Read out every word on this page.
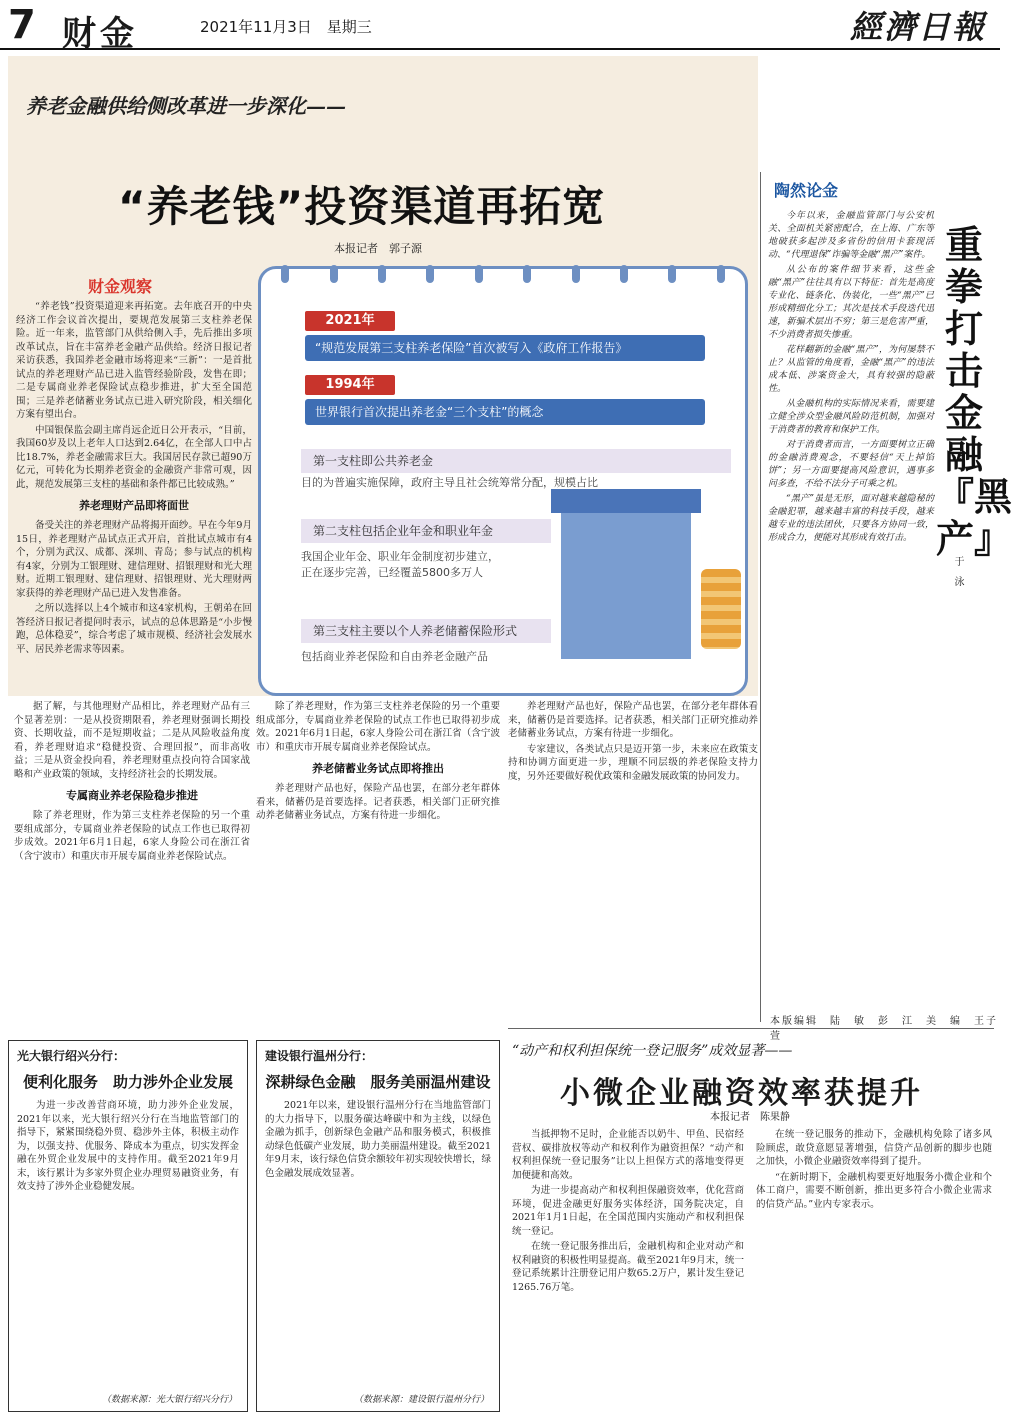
7 财金	2021年11月3日　星期三	經濟日報
养老金融供给侧改革进一步深化——
“养老钱”投资渠道再拓宽
本报记者　郭子源
财金观察
2021年
“规范发展第三支柱养老保险”首次被写入《政府工作报告》
1994年
世界银行首次提出养老金“三个支柱”的概念
第一支柱即公共养老金
目的为普遍实施保障，政府主导且社会统筹常分配，规模占比
第二支柱包括企业年金和职业年金
我国企业年金、职业年金制度初步建立，正在逐步完善，已经覆盖5800多万人
第三支柱主要以个人养老储蓄保险形式
包括商业养老保险和自由养老金融产品

“养老钱”投资渠道迎来再拓宽。去年底召开的中央经济工作会议首次提出，要规范发展第三支柱养老保险。近一年来，监管部门从供给侧入手，先后推出多项改革试点，旨在丰富养老金融产品供给。经济日报记者采访获悉，我国养老金融市场将迎来“三新”：一是首批试点的养老理财产品已进入监管经验阶段，发售在即；二是专属商业养老保险试点稳步推进，扩大至全国范围；三是养老储蓄业务试点已进入研究阶段，相关细化方案有望出台。

中国银保监会副主席肖远企近日公开表示，“目前，我国60岁及以上老年人口达到2.64亿，在全部人口中占比18.7%，养老金融需求巨大。我国居民存款已超90万亿元，可转化为长期养老资金的金融资产非常可观，因此，规范发展第三支柱的基础和条件都已比较成熟。”

养老理财产品即将面世

备受关注的养老理财产品将揭开面纱。早在今年9月15日，养老理财产品试点正式开启，首批试点城市有4个，分别为武汉、成都、深圳、青岛；参与试点的机构有4家，分别为工银理财、建信理财、招银理财和光大理财。近期工银理财、建信理财、招银理财、光大理财两家获得的养老理财产品已进入发售准备。

之所以选择以上4个城市和这4家机构，王朝弟在回答经济日报记者提问时表示，试点的总体思路是“小步慢跑，总体稳妥”，综合考虑了城市规模、经济社会发展水平、居民养老需求等因素。

据了解，与其他理财产品相比，养老理财产品有三个显著差别：一是从投资期限看，养老理财强调长期投资、长期收益，而不是短期收益；二是从风险收益角度看，养老理财追求“稳健投资、合理回报”，而非高收益；三是从资金投向看，养老理财重点投向符合国家战略和产业政策的领域，支持经济社会的长期发展。

专属商业养老保险稳步推进

除了养老理财，作为第三支柱养老保险的另一个重要组成部分，专属商业养老保险的试点工作也已取得初步成效。2021年6月1日起，6家人身险公司在浙江省（含宁波市）和重庆市开展专属商业养老保险试点。

除了养老理财，作为第三支柱养老保险的另一个重要组成部分，专属商业养老保险的试点工作也已取得初步成效。2021年6月1日起，6家人身险公司在浙江省（含宁波市）和重庆市开展专属商业养老保险试点。

养老储蓄业务试点即将推出

养老理财产品也好，保险产品也罢，在部分老年群体看来，储蓄仍是首要选择。记者获悉，相关部门正研究推动养老储蓄业务试点，方案有待进一步细化。

养老理财产品也好，保险产品也罢，在部分老年群体看来，储蓄仍是首要选择。记者获悉，相关部门正研究推动养老储蓄业务试点，方案有待进一步细化。

专家建议，各类试点只是迈开第一步，未来应在政策支持和协调方面更进一步，理顺不同层级的养老保险支持力度，另外还要做好税优政策和金融发展政策的协同发力。

陶然论金

今年以来，金融监管部门与公安机关、全面机关紧密配合，在上海、广东等地破获多起涉及多省份的信用卡套现活动、“代理退保”诈骗等金融“黑产”案件。

从公布的案件细节来看，这些金融“黑产”往往具有以下特征：首先是高度专业化、链条化、伪装化，一些“黑产”已形成精细化分工；其次是技术手段迭代迅速，新骗术层出不穷；第三是危害严重，不少消费者损失惨重。

花样翻新的金融“黑产”，为何屡禁不止？从监管的角度看，金融“黑产”的违法成本低、涉案资金大，具有较强的隐蔽性。

从金融机构的实际情况来看，需要建立健全涉众型金融风险防范机制，加强对于消费者的教育和保护工作。

对于消费者而言，一方面要树立正确的金融消费观念，不要轻信“天上掉馅饼”；另一方面要提高风险意识，遇事多问多查，不给不法分子可乘之机。

“黑产”虽是无形，面对越来越隐秘的金融犯罪，越来越丰富的科技手段，越来越专业的违法团伙，只要各方协同一致，形成合力，便能对其形成有效打击。

重拳打击金融『黑产』
于　泳
本版编辑　陆　敏　彭　江　美　编　王子萱
“动产和权利担保统一登记服务”成效显著——
小微企业融资效率获提升
本报记者　陈果静

当抵押物不足时，企业能否以奶牛、甲鱼、民宿经营权、碳排放权等动产和权利作为融资担保？“动产和权利担保统一登记服务”让以上担保方式的落地变得更加便捷和高效。

为进一步提高动产和权利担保融资效率，优化营商环境，促进金融更好服务实体经济，国务院决定，自2021年1月1日起，在全国范围内实施动产和权利担保统一登记。

在统一登记服务推出后，金融机构和企业对动产和权利融资的积极性明显提高。截至2021年9月末，统一登记系统累计注册登记用户数65.2万户，累计发生登记1265.76万笔。

在统一登记服务的推动下，金融机构免除了诸多风险顾虑，敢贷意愿显著增强，信贷产品创新的脚步也随之加快，小微企业融资效率得到了提升。

“在新时期下，金融机构要更好地服务小微企业和个体工商户，需要不断创新，推出更多符合小微企业需求的信贷产品。”业内专家表示。

光大银行绍兴分行：
便利化服务　助力涉外企业发展

为进一步改善营商环境，助力涉外企业发展，2021年以来，光大银行绍兴分行在当地监管部门的指导下，紧紧围绕稳外贸、稳涉外主体，积极主动作为，以强支持、优服务、降成本为重点，切实发挥金融在外贸企业发展中的支持作用。截至2021年9月末，该行累计为多家外贸企业办理贸易融资业务，有效支持了涉外企业稳健发展。

（数据来源：光大银行绍兴分行）
建设银行温州分行：
深耕绿色金融　服务美丽温州建设

2021年以来，建设银行温州分行在当地监管部门的大力指导下，以服务碳达峰碳中和为主线，以绿色金融为抓手，创新绿色金融产品和服务模式，积极推动绿色低碳产业发展，助力美丽温州建设。截至2021年9月末，该行绿色信贷余额较年初实现较快增长，绿色金融发展成效显著。

（数据来源：建设银行温州分行）
